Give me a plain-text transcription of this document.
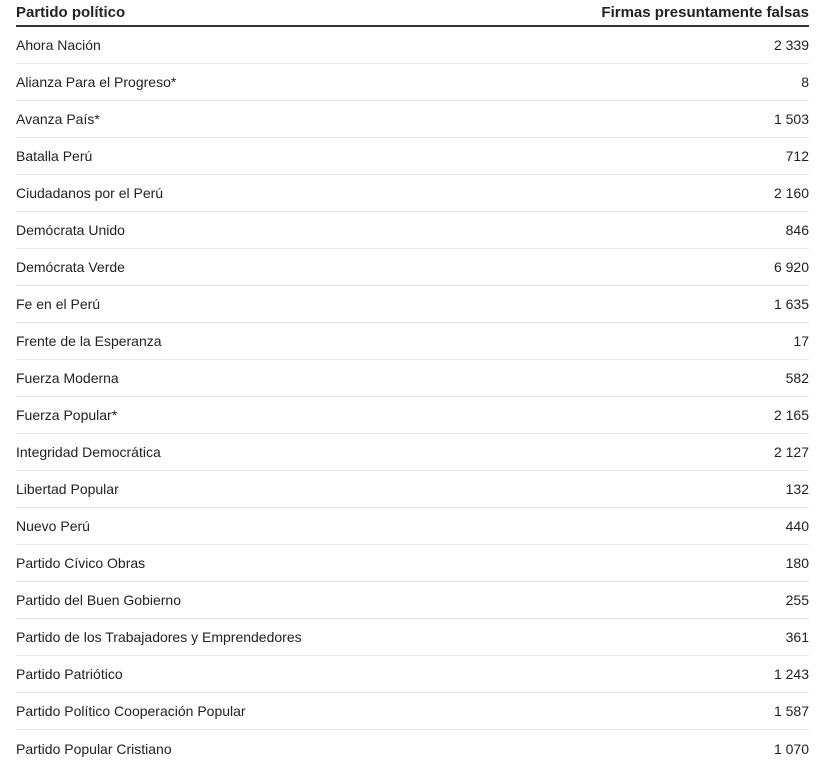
Partido político	Firmas presuntamente falsas
Ahora Nación	2 339
Alianza Para el Progreso*	8
Avanza País*	1 503
Batalla Perú	712
Ciudadanos por el Perú	2 160
Demócrata Unido	846
Demócrata Verde	6 920
Fe en el Perú	1 635
Frente de la Esperanza	17
Fuerza Moderna	582
Fuerza Popular*	2 165
Integridad Democrática	2 127
Libertad Popular	132
Nuevo Perú	440
Partido Cívico Obras	180
Partido del Buen Gobierno	255
Partido de los Trabajadores y Emprendedores	361
Partido Patriótico	1 243
Partido Político Cooperación Popular	1 587
Partido Popular Cristiano	1 070
